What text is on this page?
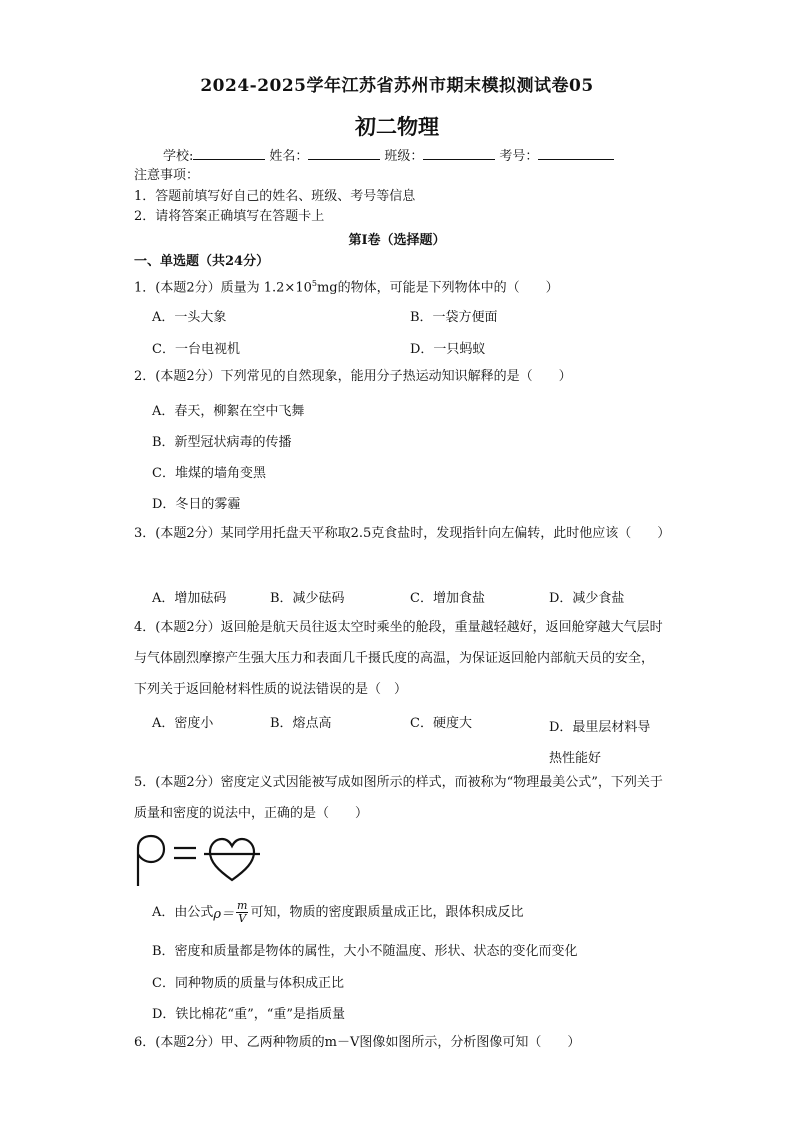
2024-2025学年江苏省苏州市期末模拟测试卷05
初二物理
学校:	姓名：	班级：	考号：
注意事项：
1．答题前填写好自己的姓名、班级、考号等信息
2．请将答案正确填写在答题卡上
第I卷（选择题）
一、单选题（共24分）
1．(本题2分）质量为 $1.2\times 10^5mg$的物体，可能是下列物体中的（　　）
A．一头大象	B．一袋方便面
C．一台电视机	D．一只蚂蚁
2．(本题2分）下列常见的自然现象，能用分子热运动知识解释的是（　　）
A．春天，柳絮在空中飞舞
B．新型冠状病毒的传播
C．堆煤的墙角变黑
D．冬日的雾霾
3．(本题2分）某同学用托盘天平称取2.5克食盐时，发现指针向左偏转，此时他应该（　　）
A．增加砝码	B．减少砝码	C．增加食盐	D．减少食盐
4．(本题2分）返回舱是航天员往返太空时乘坐的舱段，重量越轻越好，返回舱穿越大气层时与气体剧烈摩擦产生强大压力和表面几千摄氏度的高温，为保证返回舱内部航天员的安全，下列关于返回舱材料性质的说法错误的是（　）
A．密度小	B．熔点高	C．硬度大	D．最里层材料导热性能好
5．(本题2分）密度定义式因能被写成如图所示的样式，而被称为“物理最美公式”，下列关于质量和密度的说法中，正确的是（　　）
A．由公式$\rho= \frac{m}{V}$ 可知，物质的密度跟质量成正比，跟体积成反比
B．密度和质量都是物体的属性，大小不随温度、形状、状态的变化而变化
C．同种物质的质量与体积成正比
D．铁比棉花“重”，“重”是指质量
6．(本题2分）甲、乙两种物质的m－V图像如图所示，分析图像可知（　　）
